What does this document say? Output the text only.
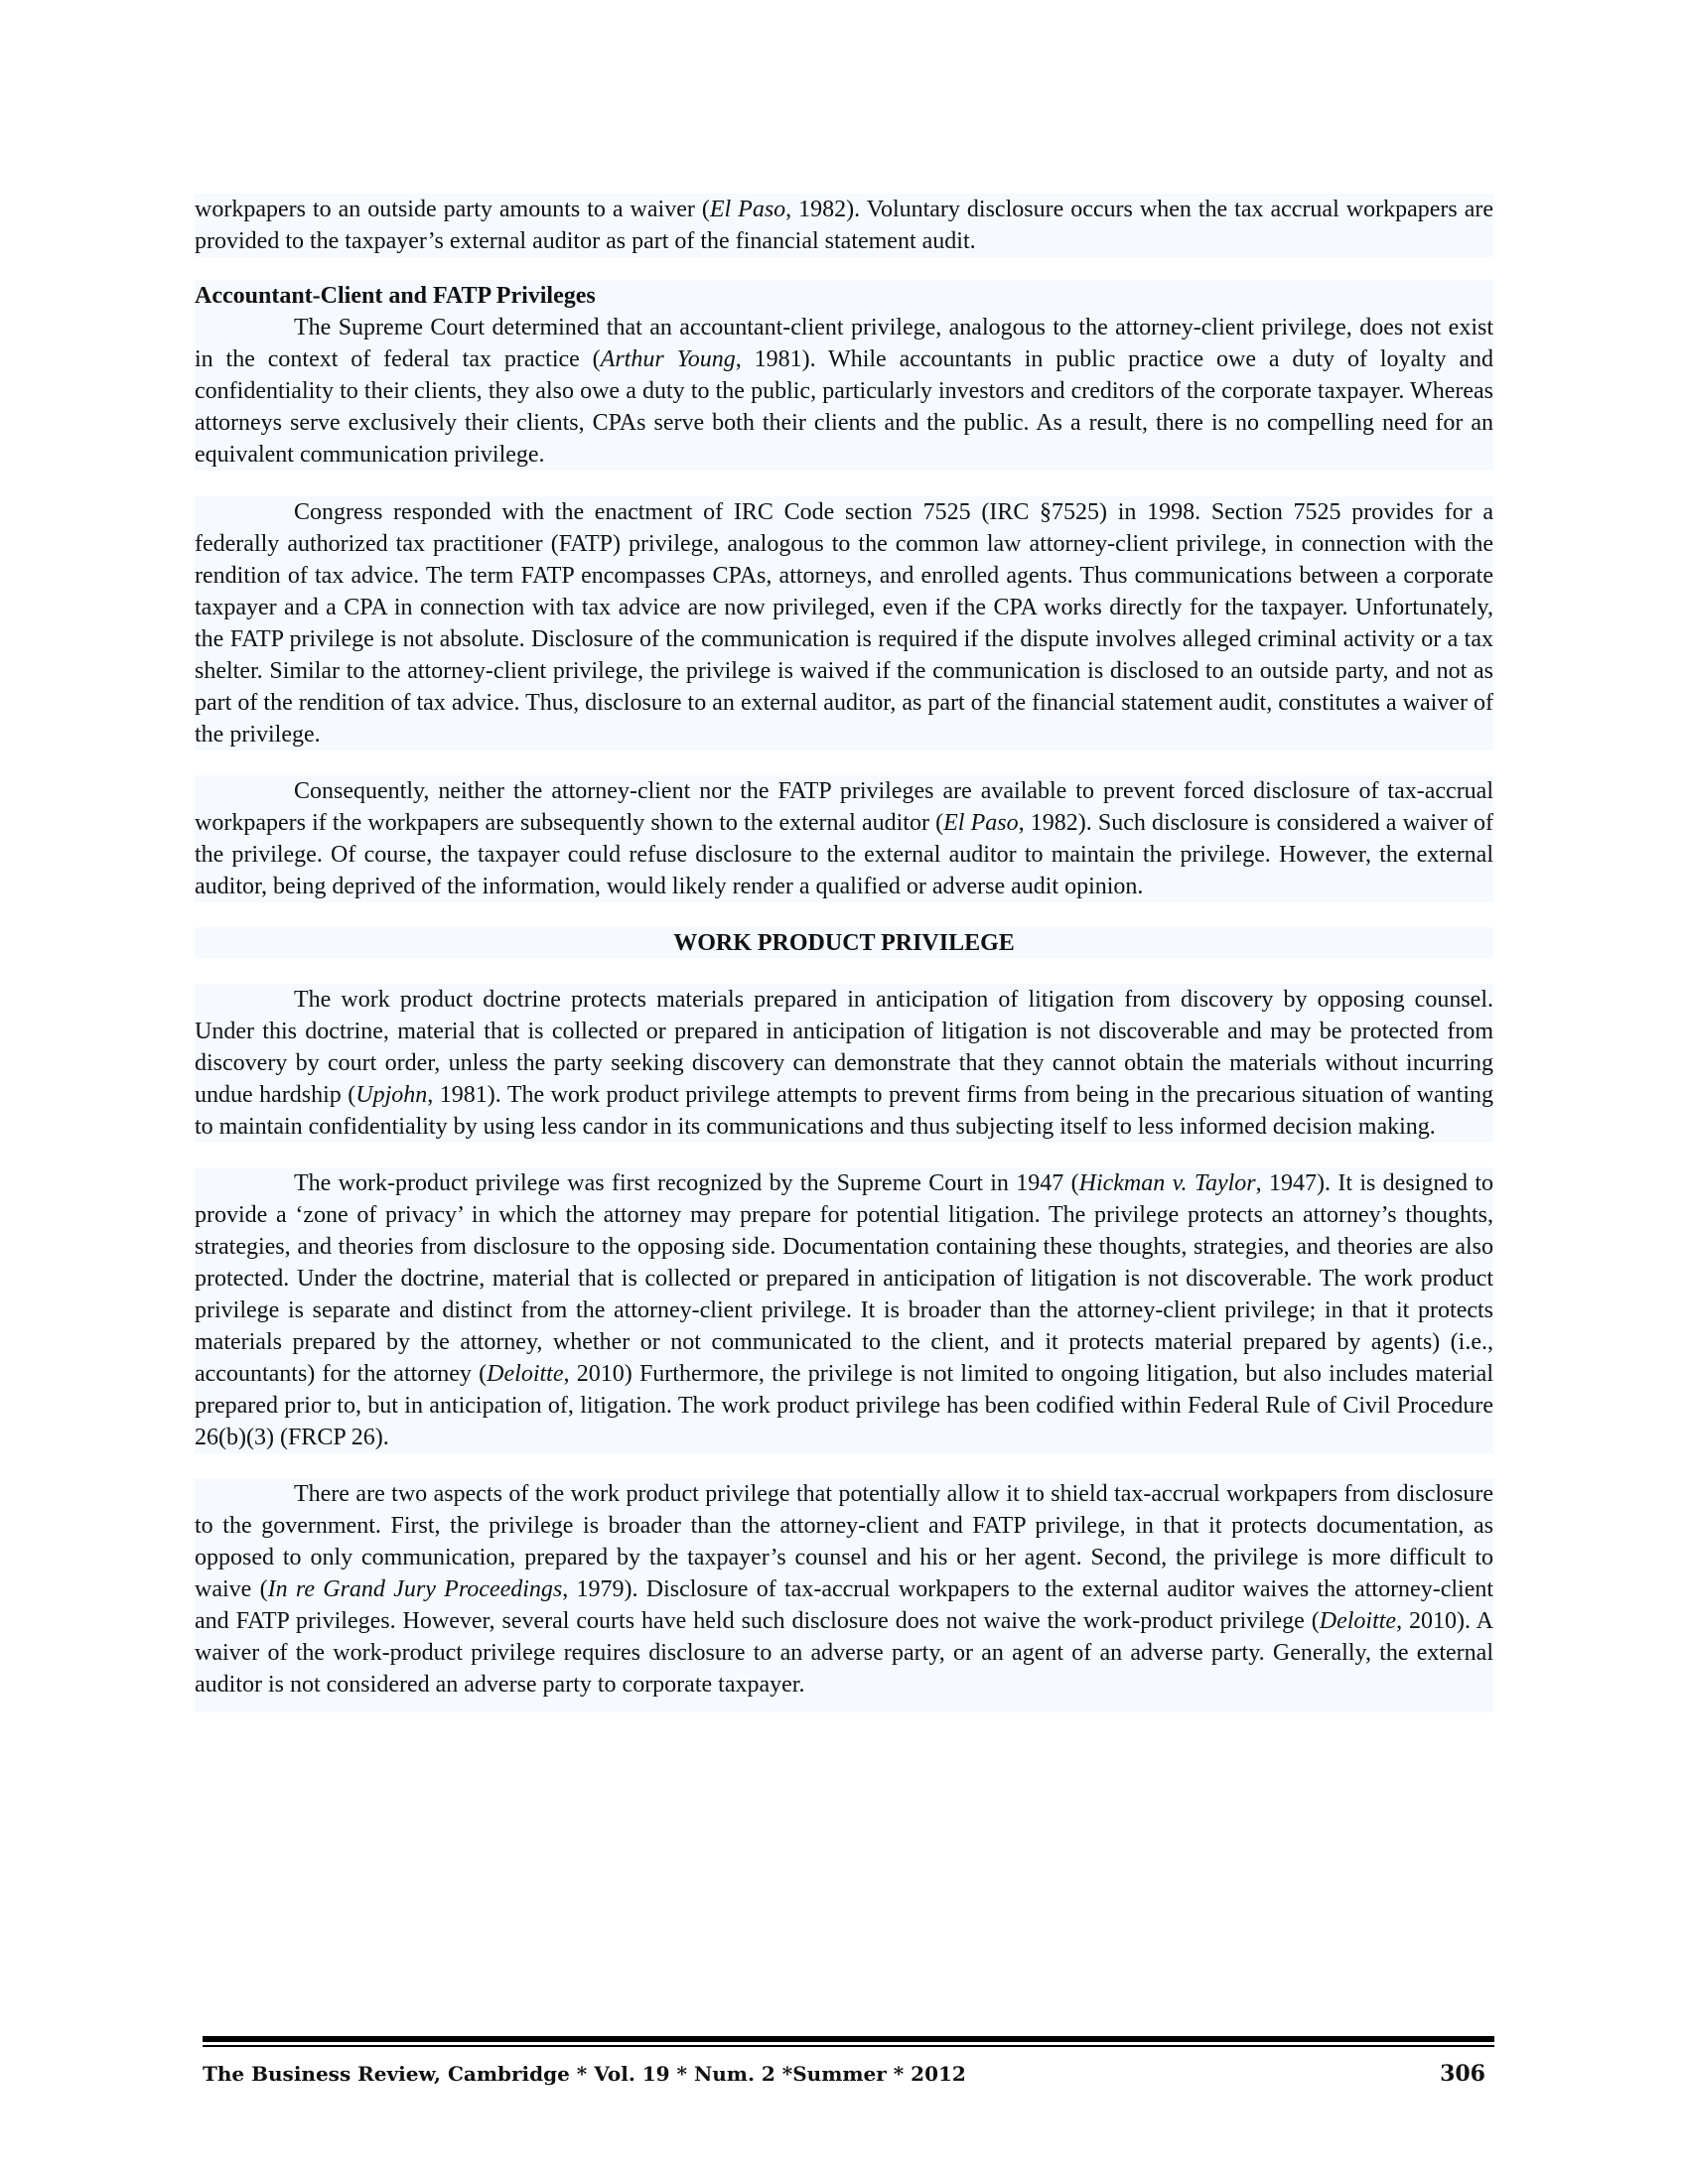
workpapers to an outside party amounts to a waiver (El Paso, 1982). Voluntary disclosure occurs when the tax accrual workpapers are provided to the taxpayer’s external auditor as part of the financial statement audit.

Accountant-Client and FATP Privileges

The Supreme Court determined that an accountant-client privilege, analogous to the attorney-client privilege, does not exist in the context of federal tax practice (Arthur Young, 1981). While accountants in public practice owe a duty of loyalty and confidentiality to their clients, they also owe a duty to the public, particularly investors and creditors of the corporate taxpayer. Whereas attorneys serve exclusively their clients, CPAs serve both their clients and the public. As a result, there is no compelling need for an equivalent communication privilege.

Congress responded with the enactment of IRC Code section 7525 (IRC §7525) in 1998. Section 7525 provides for a federally authorized tax practitioner (FATP) privilege, analogous to the common law attorney-client privilege, in connection with the rendition of tax advice. The term FATP encompasses CPAs, attorneys, and enrolled agents. Thus communications between a corporate taxpayer and a CPA in connection with tax advice are now privileged, even if the CPA works directly for the taxpayer. Unfortunately, the FATP privilege is not absolute. Disclosure of the communication is required if the dispute involves alleged criminal activity or a tax shelter. Similar to the attorney-client privilege, the privilege is waived if the communication is disclosed to an outside party, and not as part of the rendition of tax advice. Thus, disclosure to an external auditor, as part of the financial statement audit, constitutes a waiver of the privilege.

Consequently, neither the attorney-client nor the FATP privileges are available to prevent forced disclosure of tax-accrual workpapers if the workpapers are subsequently shown to the external auditor (El Paso, 1982). Such disclosure is considered a waiver of the privilege. Of course, the taxpayer could refuse disclosure to the external auditor to maintain the privilege. However, the external auditor, being deprived of the information, would likely render a qualified or adverse audit opinion.

WORK PRODUCT PRIVILEGE

The work product doctrine protects materials prepared in anticipation of litigation from discovery by opposing counsel. Under this doctrine, material that is collected or prepared in anticipation of litigation is not discoverable and may be protected from discovery by court order, unless the party seeking discovery can demonstrate that they cannot obtain the materials without incurring undue hardship (Upjohn, 1981). The work product privilege attempts to prevent firms from being in the precarious situation of wanting to maintain confidentiality by using less candor in its communications and thus subjecting itself to less informed decision making.

The work-product privilege was first recognized by the Supreme Court in 1947 (Hickman v. Taylor, 1947). It is designed to provide a ‘zone of privacy’ in which the attorney may prepare for potential litigation. The privilege protects an attorney’s thoughts, strategies, and theories from disclosure to the opposing side. Documentation containing these thoughts, strategies, and theories are also protected. Under the doctrine, material that is collected or prepared in anticipation of litigation is not discoverable. The work product privilege is separate and distinct from the attorney-client privilege. It is broader than the attorney-client privilege; in that it protects materials prepared by the attorney, whether or not communicated to the client, and it protects material prepared by agents) (i.e., accountants) for the attorney (Deloitte, 2010) Furthermore, the privilege is not limited to ongoing litigation, but also includes material prepared prior to, but in anticipation of, litigation. The work product privilege has been codified within Federal Rule of Civil Procedure 26(b)(3) (FRCP 26).

There are two aspects of the work product privilege that potentially allow it to shield tax-accrual workpapers from disclosure to the government. First, the privilege is broader than the attorney-client and FATP privilege, in that it protects documentation, as opposed to only communication, prepared by the taxpayer’s counsel and his or her agent. Second, the privilege is more difficult to waive (In re Grand Jury Proceedings, 1979). Disclosure of tax-accrual workpapers to the external auditor waives the attorney-client and FATP privileges. However, several courts have held such disclosure does not waive the work-product privilege (Deloitte, 2010). A waiver of the work-product privilege requires disclosure to an adverse party, or an agent of an adverse party. Generally, the external auditor is not considered an adverse party to corporate taxpayer.

The Business Review, Cambridge * Vol. 19 * Num. 2 *Summer * 2012	306
